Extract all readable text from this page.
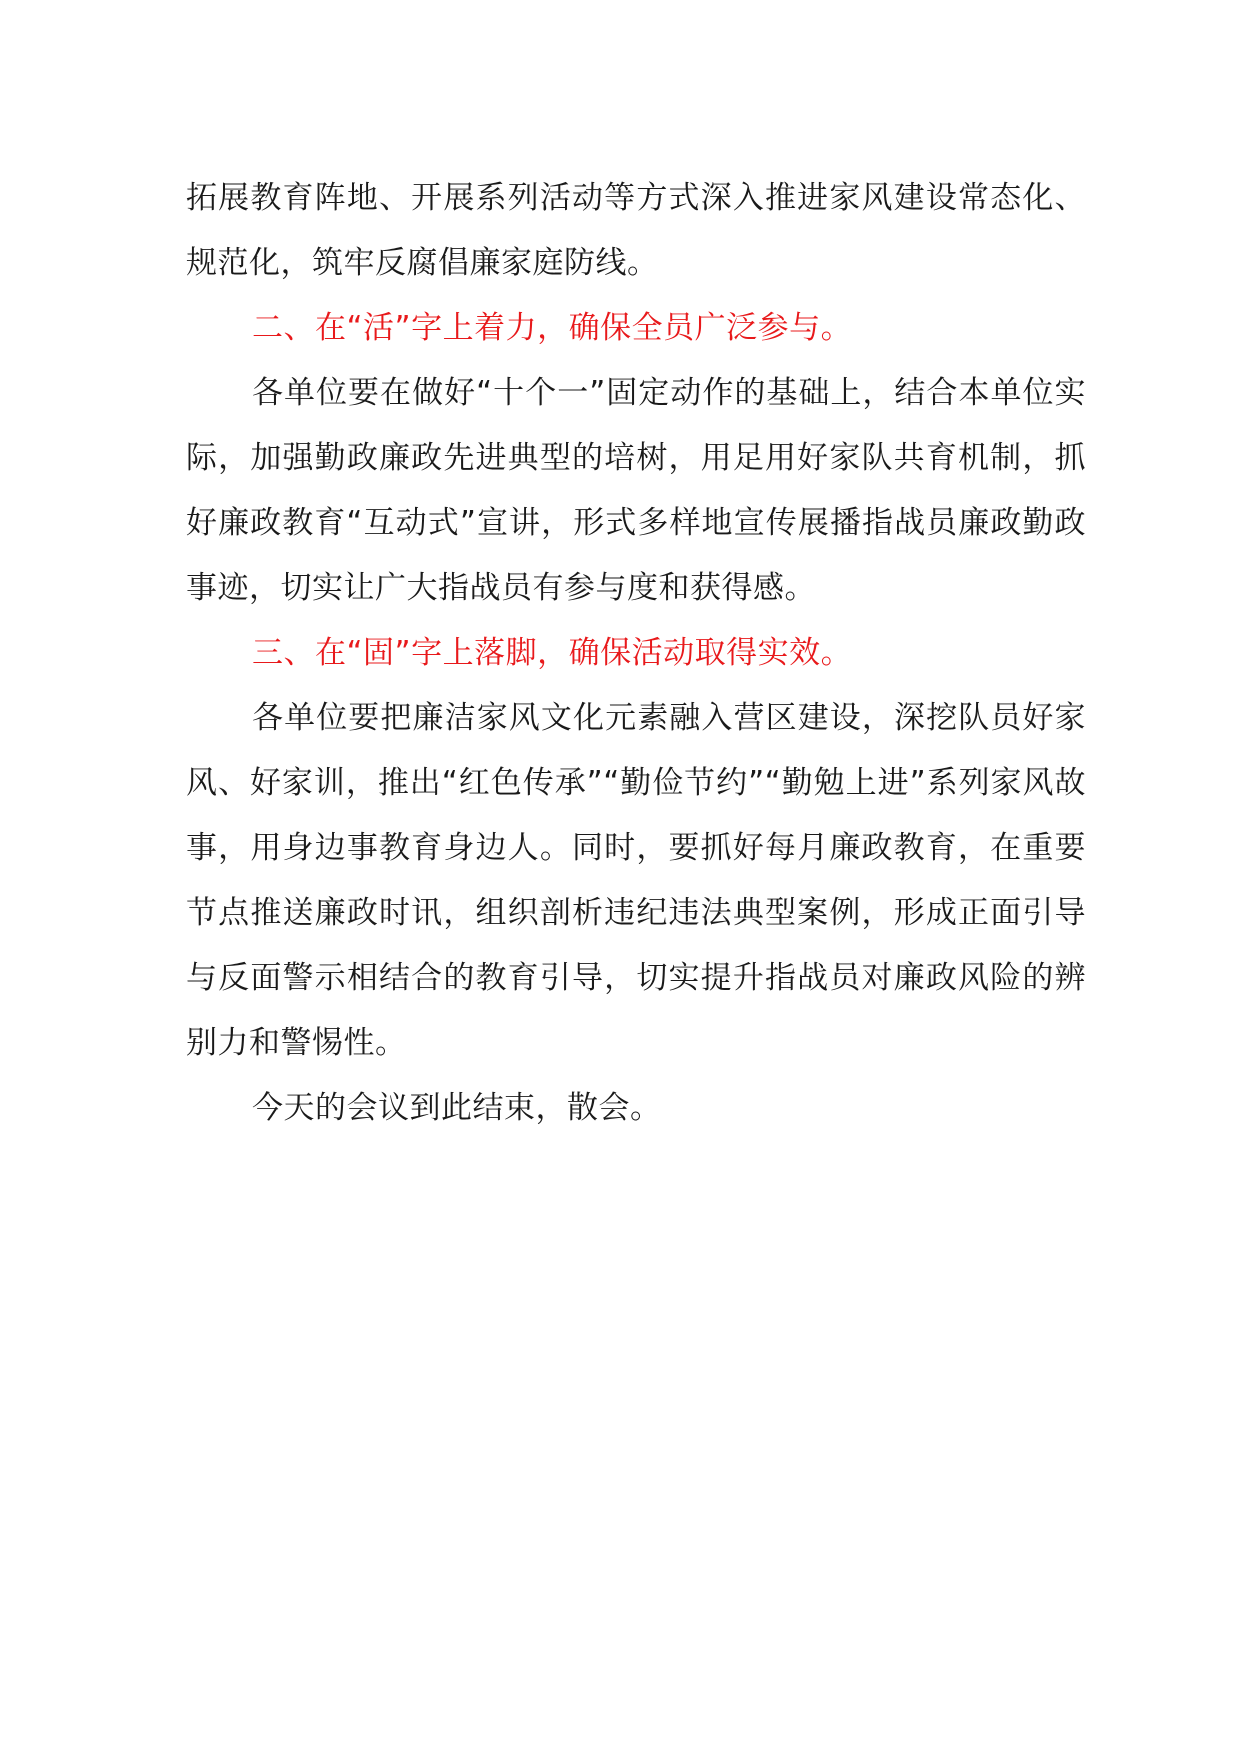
拓展教育阵地、开展系列活动等方式深入推进家风建设常态化、规范化，筑牢反腐倡廉家庭防线。

二、在“活”字上着力，确保全员广泛参与。

各单位要在做好“十个一”固定动作的基础上，结合本单位实际，加强勤政廉政先进典型的培树，用足用好家队共育机制，抓好廉政教育“互动式”宣讲，形式多样地宣传展播指战员廉政勤政事迹，切实让广大指战员有参与度和获得感。

三、在“固”字上落脚，确保活动取得实效。

各单位要把廉洁家风文化元素融入营区建设，深挖队员好家风、好家训，推出“红色传承”“勤俭节约”“勤勉上进”系列家风故事，用身边事教育身边人。同时，要抓好每月廉政教育，在重要节点推送廉政时讯，组织剖析违纪违法典型案例，形成正面引导与反面警示相结合的教育引导，切实提升指战员对廉政风险的辨别力和警惕性。

今天的会议到此结束，散会。
